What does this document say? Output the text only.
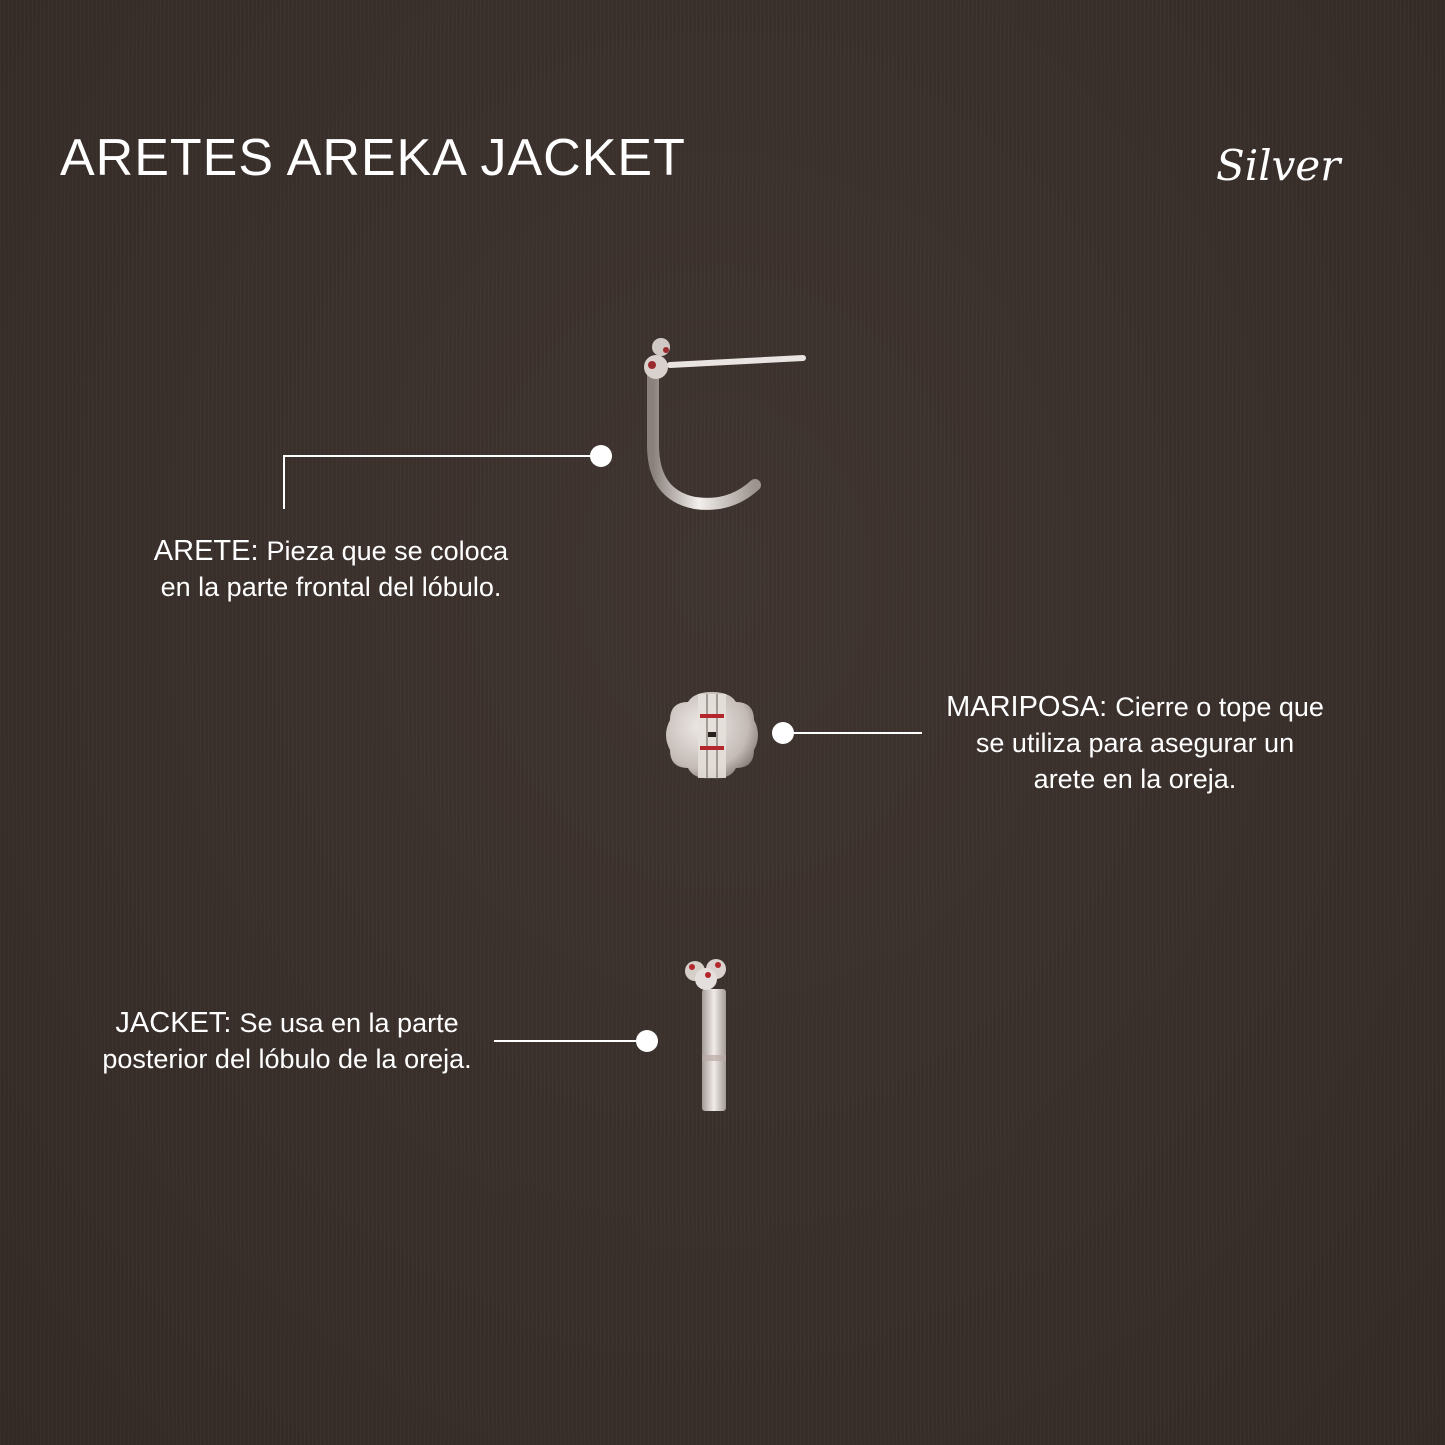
ARETES AREKA JACKET	Silver
ARETE: Pieza que se coloca
en la parte frontal del lóbulo.
MARIPOSA: Cierre o tope que
se utiliza para asegurar un
arete en la oreja.
JACKET: Se usa en la parte
posterior del lóbulo de la oreja.
